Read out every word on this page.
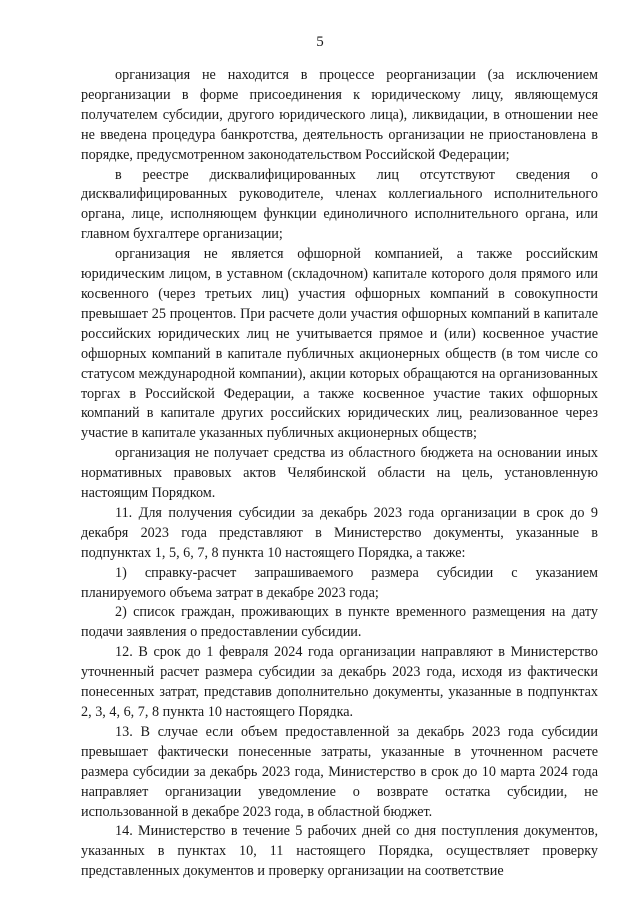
5

организация не находится в процессе реорганизации (за исключением реорганизации в форме присоединения к юридическому лицу, являющемуся получателем субсидии, другого юридического лица), ликвидации, в отношении нее не введена процедура банкротства, деятельность организации не приостановлена в порядке, предусмотренном законодательством Российской Федерации;

в реестре дисквалифицированных лиц отсутствуют сведения о дисквалифицированных руководителе, членах коллегиального исполнительного органа, лице, исполняющем функции единоличного исполнительного органа, или главном бухгалтере организации;

организация не является офшорной компанией, а также российским юридическим лицом, в уставном (складочном) капитале которого доля прямого или косвенного (через третьих лиц) участия офшорных компаний в совокупности превышает 25 процентов. При расчете доли участия офшорных компаний в капитале российских юридических лиц не учитывается прямое и (или) косвенное участие офшорных компаний в капитале публичных акционерных обществ (в том числе со статусом международной компании), акции которых обращаются на организованных торгах в Российской Федерации, а также косвенное участие таких офшорных компаний в капитале других российских юридических лиц, реализованное через участие в капитале указанных публичных акционерных обществ;

организация не получает средства из областного бюджета на основании иных нормативных правовых актов Челябинской области на цель, установленную настоящим Порядком.

11. Для получения субсидии за декабрь 2023 года организации в срок до 9 декабря 2023 года представляют в Министерство документы, указанные в подпунктах 1, 5, 6, 7, 8 пункта 10 настоящего Порядка, а также:

1) справку-расчет запрашиваемого размера субсидии с указанием планируемого объема затрат в декабре 2023 года;

2) список граждан, проживающих в пункте временного размещения на дату подачи заявления о предоставлении субсидии.

12. В срок до 1 февраля 2024 года организации направляют в Министерство уточненный расчет размера субсидии за декабрь 2023 года, исходя из фактически понесенных затрат, представив дополнительно документы, указанные в подпунктах 2, 3, 4, 6, 7, 8 пункта 10 настоящего Порядка.

13. В случае если объем предоставленной за декабрь 2023 года субсидии превышает фактически понесенные затраты, указанные в уточненном расчете размера субсидии за декабрь 2023 года, Министерство в срок до 10 марта 2024 года направляет организации уведомление о возврате остатка субсидии, не использованной в декабре 2023 года, в областной бюджет.

14. Министерство в течение 5 рабочих дней со дня поступления документов, указанных в пунктах 10, 11 настоящего Порядка, осуществляет проверку представленных документов и проверку организации на соответствие
